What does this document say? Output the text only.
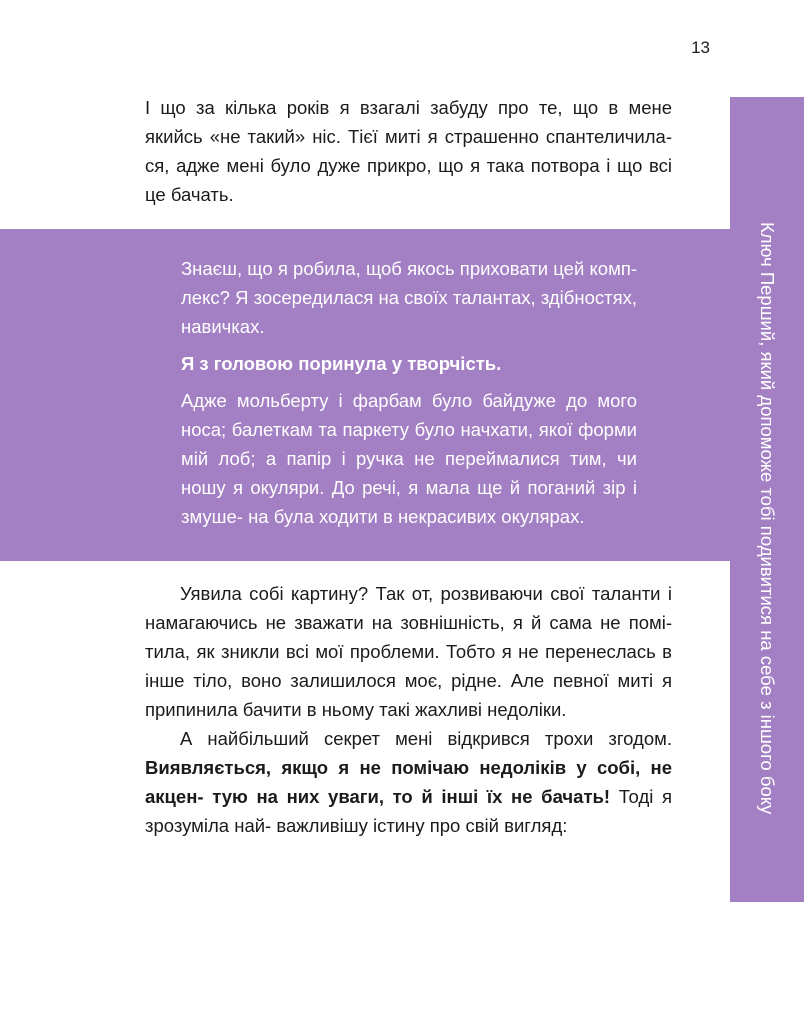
13
Ключ Перший, який допоможе тобі подивитися на себе з іншого боку
І що за кілька років я взагалі забуду про те, що в мене якийсь «не такий» ніс. Тієї миті я страшенно спантеличила- ся, адже мені було дуже прикро, що я така потвора і що всі це бачать.
Знаєш, що я робила, щоб якось приховати цей комп- лекс? Я зосередилася на своїх талантах, здібностях, навичках.
Я з головою поринула у творчість.
Адже мольберту і фарбам було байдуже до мого носа; балеткам та паркету було начхати, якої форми мій лоб; а папір і ручка не переймалися тим, чи ношу я окуляри. До речі, я мала ще й поганий зір і змуше- на була ходити в некрасивих окулярах.
Уявила собі картину? Так от, розвиваючи свої таланти і намагаючись не зважати на зовнішність, я й сама не помі- тила, як зникли всі мої проблеми. Тобто я не перенеслась в інше тіло, воно залишилося моє, рідне. Але певної миті я припинила бачити в ньому такі жахливі недоліки.
А найбільший секрет мені відкрився трохи згодом. Виявляється, якщо я не помічаю недоліків у собі, не акцен- тую на них уваги, то й інші їх не бачать! Тоді я зрозуміла най- важливішу істину про свій вигляд:
